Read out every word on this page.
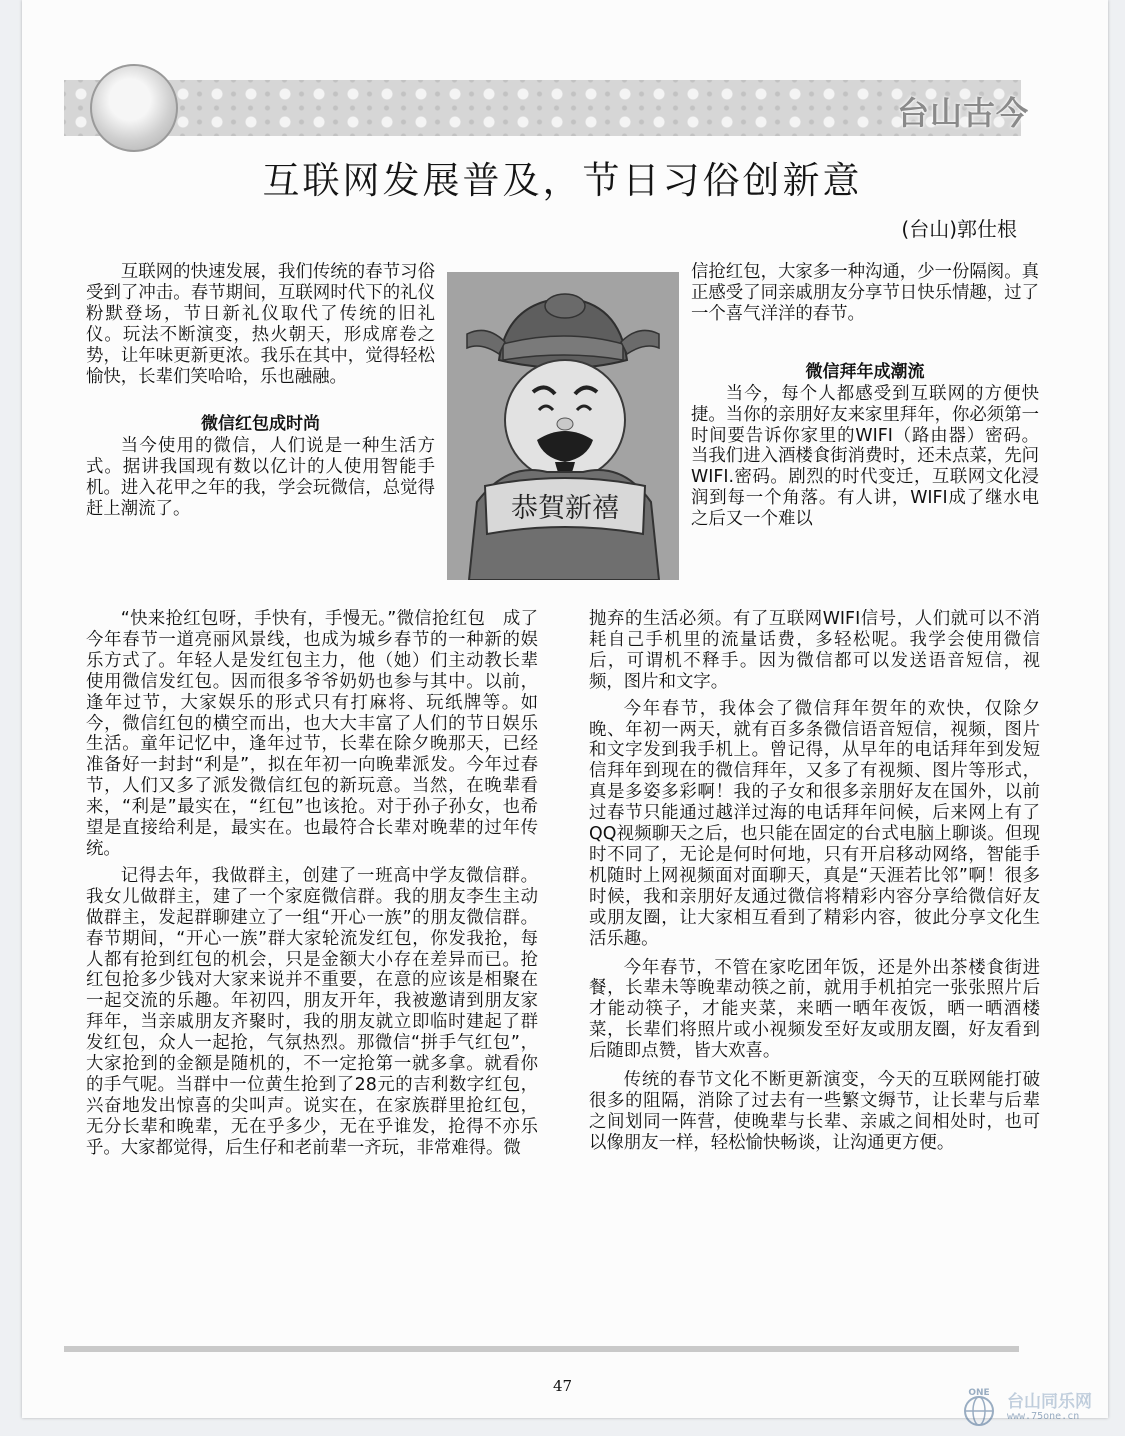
台山古今
互联网发展普及，节日习俗创新意
(台山)郭仕根

互联网的快速发展，我们传统的春节习俗受到了冲击。春节期间，互联网时代下的礼仪粉默登场，节日新礼仪取代了传统的旧礼 仪。玩法不断演变，热火朝天，形成席卷之势，让年味更新更浓。我乐在其中，觉得轻松愉快，长辈们笑哈哈，乐也融融。

微信红包成时尚

当今使用的微信，人们说是一种生活方式。据讲我国现有数以亿计的人使用智能手机。进入花甲之年的我，学会玩微信，总觉得赶上潮流了。	恭賀新禧

信抢红包，大家多一种沟通，少一份隔阂。真正感受了同亲戚朋友分享节日快乐情趣，过了一个喜气洋洋的春节。

微信拜年成潮流

当今，每个人都感受到互联网的方便快捷。当你的亲朋好友来家里拜年，你必须第一时间要告诉你家里的WIFI（路由器）密码。当我们进入酒楼食街消费时，还未点菜，先问WIFI.密码。剧烈的时代变迁，互联网文化浸润到每一个角落。有人讲，WIFI成了继水电之后又一个难以

“快来抢红包呀，手快有，手慢无。”微信抢红包　成了今年春节一道亮丽风景线，也成为城乡春节的一种新的娱乐方式了。年轻人是发红包主力，他（她）们主动教长辈使用微信发红包。因而很多爷爷奶奶也参与其中。以前，逢年过节，大家娱乐的形式只有打麻将、玩纸牌等。如今，微信红包的横空而出，也大大丰富了人们的节日娱乐生活。童年记忆中，逢年过节，长辈在除夕晚那天，已经准备好一封封“利是”，拟在年初一向晚辈派发。今年过春节，人们又多了派发微信红包的新玩意。当然，在晚辈看来，“利是”最实在，“红包”也该抢。对于孙子孙女，也希望是直接给利是，最实在。也最符合长辈对晚辈的过年传统。

记得去年，我做群主，创建了一班高中学友微信群。我女儿做群主，建了一个家庭微信群。我的朋友李生主动做群主，发起群聊建立了一组“开心一族”的朋友微信群。春节期间，“开心一族”群大家轮流发红包，你发我抢，每人都有抢到红包的机会，只是金额大小存在差异而已。抢红包抢多少钱对大家来说并不重要，在意的应该是相聚在一起交流的乐趣。年初四，朋友开年，我被邀请到朋友家拜年，当亲戚朋友齐聚时，我的朋友就立即临时建起了群发红包，众人一起抢，气氛热烈。那微信“拼手气红包”，大家抢到的金额是随机的，不一定抢第一就多拿。就看你的手气呢。当群中一位黄生抢到了28元的吉利数字红包，兴奋地发出惊喜的尖叫声。说实在，在家族群里抢红包，无分长辈和晚辈，无在乎多少，无在乎谁发，抢得不亦乐乎。大家都觉得，后生仔和老前辈一齐玩，非常难得。微

抛弃的生活必须。有了互联网WIFI信号，人们就可以不消耗自己手机里的流量话费，多轻松呢。我学会使用微信后，可谓机不释手。因为微信都可以发送语音短信，视频，图片和文字。

今年春节，我体会了微信拜年贺年的欢快，仅除夕晚、年初一两天，就有百多条微信语音短信，视频，图片和文字发到我手机上。曾记得，从早年的电话拜年到发短信拜年到现在的微信拜年，又多了有视频、图片等形式，真是多姿多彩啊！我的子女和很多亲朋好友在国外，以前过春节只能通过越洋过海的电话拜年问候，后来网上有了QQ视频聊天之后，也只能在固定的台式电脑上聊谈。但现时不同了，无论是何时何地，只有开启移动网络，智能手机随时上网视频面对面聊天，真是“天涯若比邻”啊！很多时候，我和亲朋好友通过微信将精彩内容分享给微信好友或朋友圈，让大家相互看到了精彩内容，彼此分享文化生活乐趣。

今年春节，不管在家吃团年饭，还是外出茶楼食街进餐，长辈未等晚辈动筷之前，就用手机拍完一张张照片后才能动筷子，才能夹菜，来晒一晒年夜饭，晒一晒酒楼菜，长辈们将照片或小视频发至好友或朋友圈，好友看到后随即点赞，皆大欢喜。

传统的春节文化不断更新演变，今天的互联网能打破很多的阻隔，消除了过去有一些繁文缛节，让长辈与后辈之间划同一阵营，使晚辈与长辈、亲戚之间相处时，也可以像朋友一样，轻松愉快畅谈，让沟通更方便。

47	ONE 台山同乐网
www.75one.cn
